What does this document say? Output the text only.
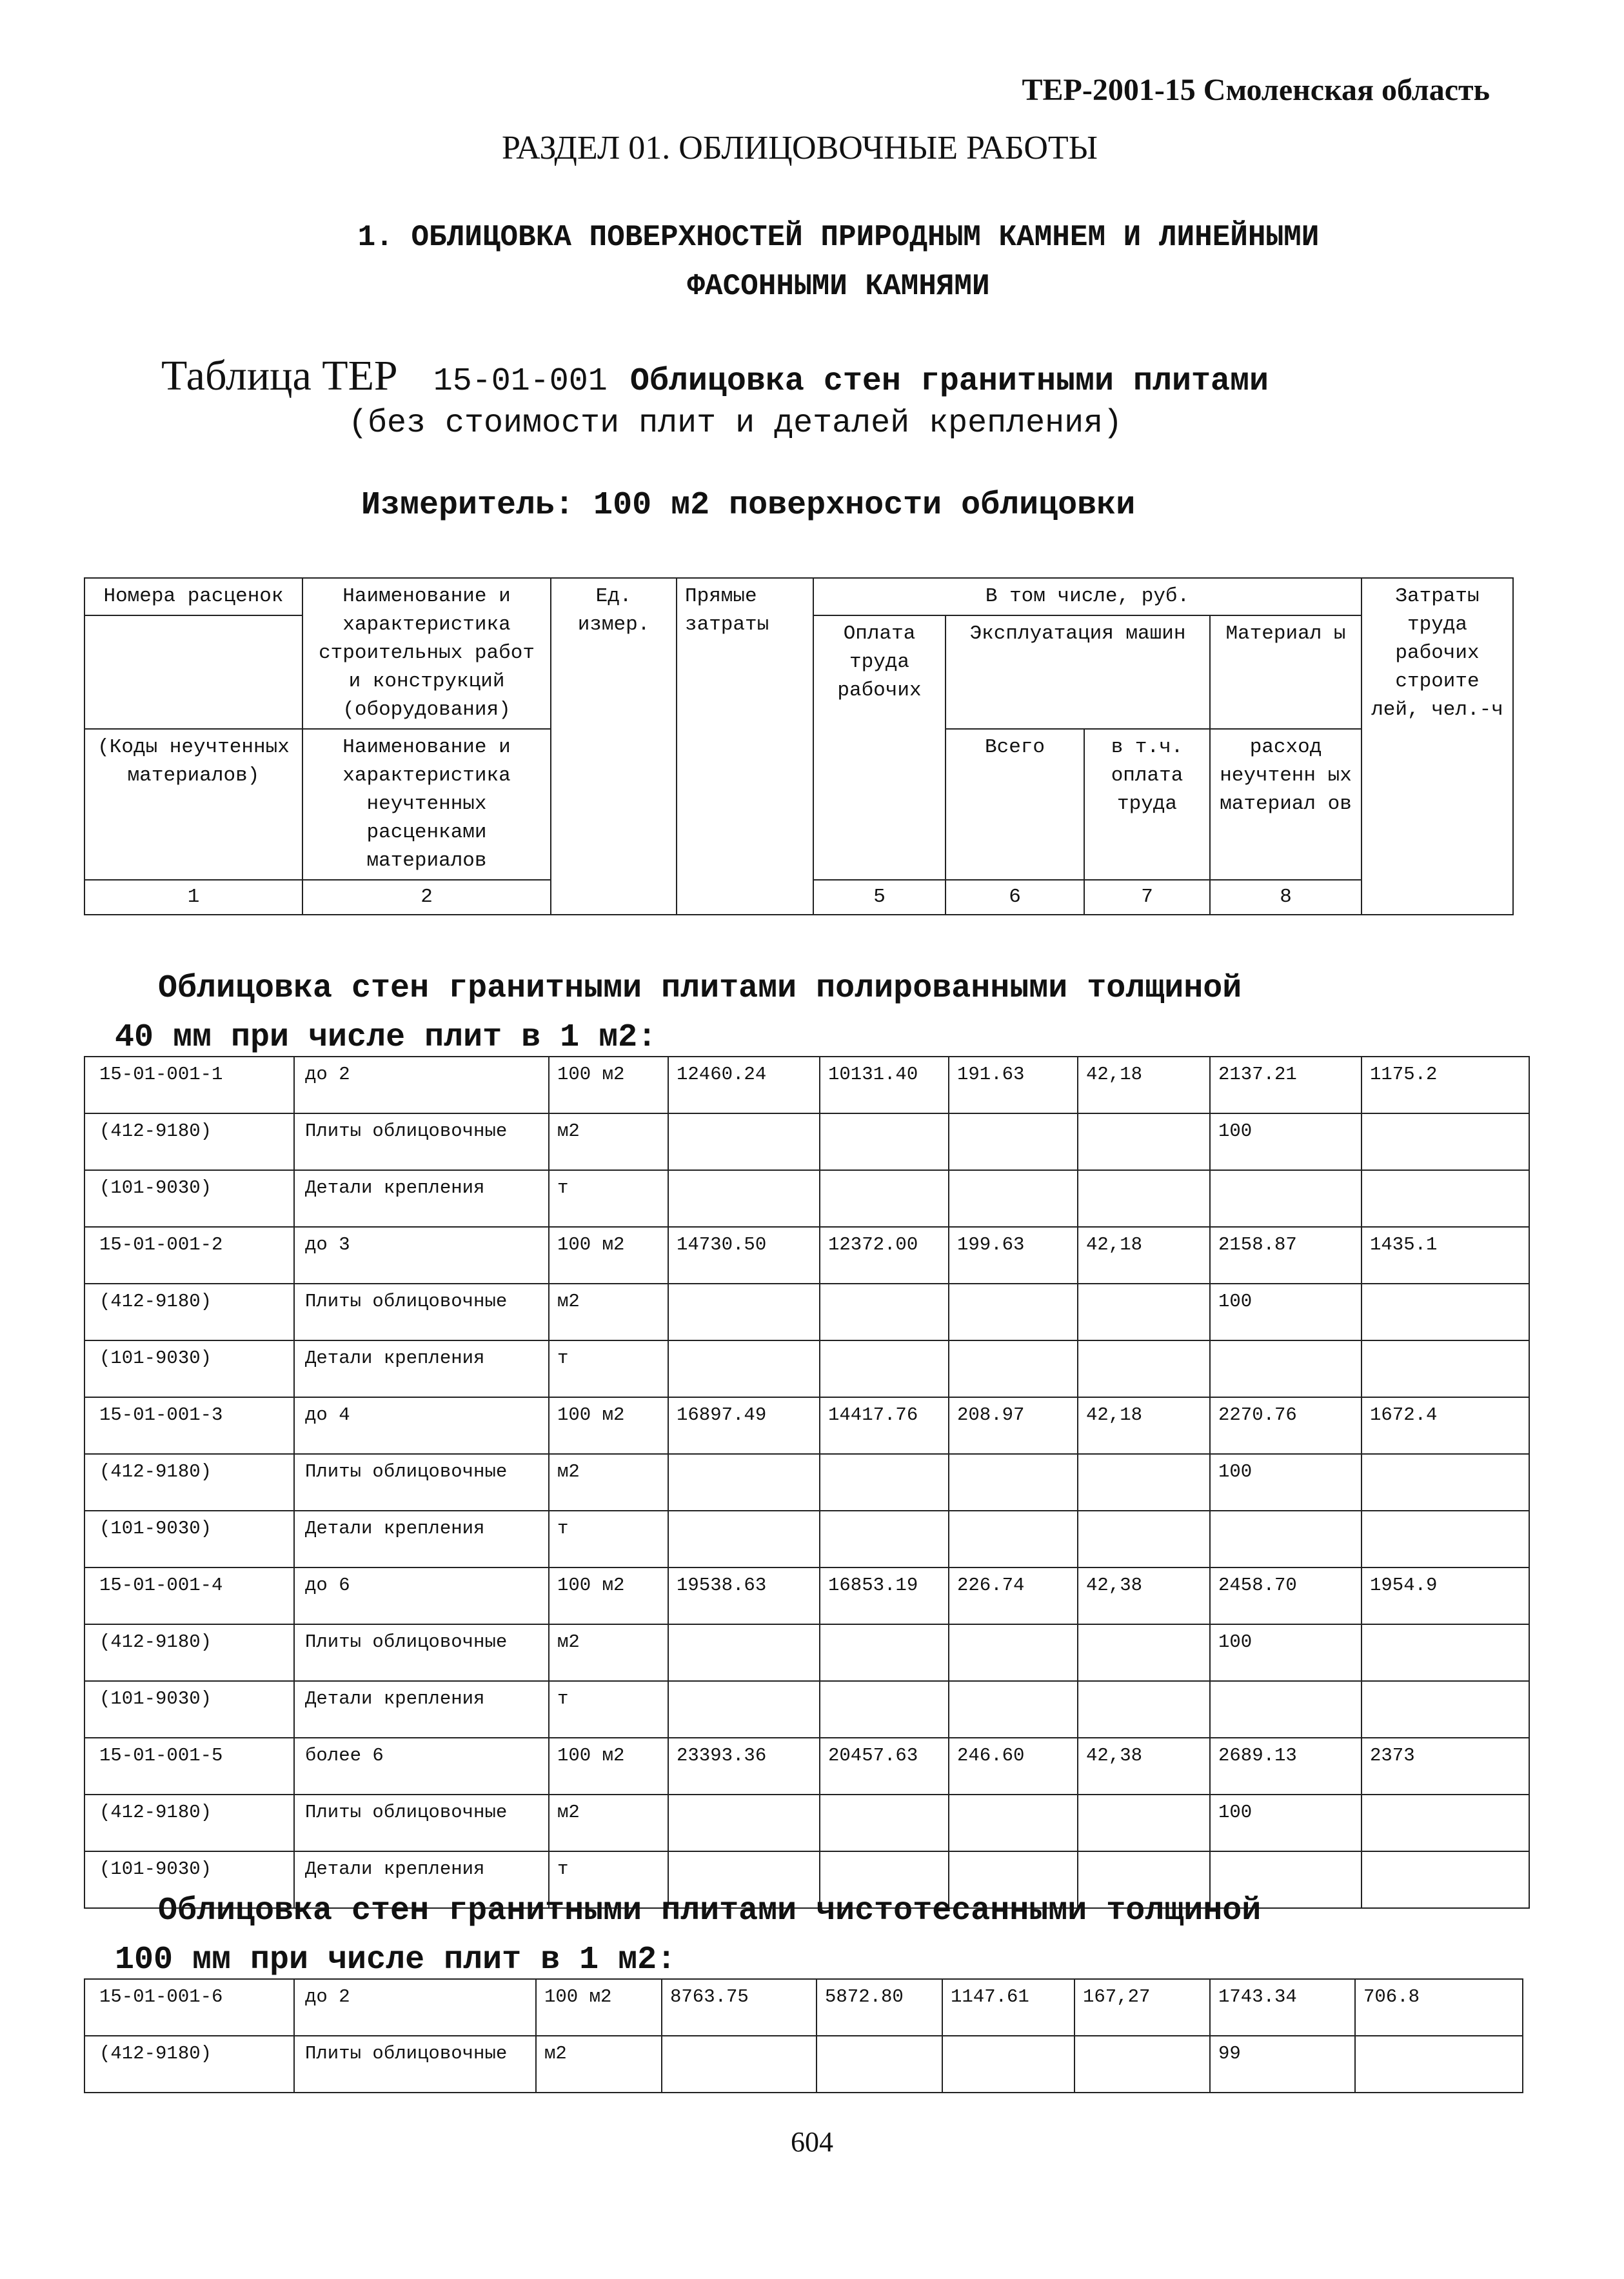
ТЕР-2001-15 Смоленская область
РАЗДЕЛ 01. ОБЛИЦОВОЧНЫЕ РАБОТЫ
1. ОБЛИЦОВКА ПОВЕРХНОСТЕЙ ПРИРОДНЫМ КАМНЕМ И ЛИНЕЙНЫМИ
ФАСОННЫМИ КАМНЯМИ
Таблица ТЕР 15-01-001 Облицовка стен гранитными плитами
(без стоимости плит и деталей крепления)
Измеритель: 100 м2 поверхности облицовки
Номера расценок	Наименование и характеристика строительных работ и конструкций (оборудования)	Ед. измер.	Прямые затраты	В том числе, руб.				Затраты труда рабочих строите лей, чел.-ч
				Оплата труда рабочих	Эксплуатация машин		Материал ы	
(Коды неучтенных материалов)	Наименование и характеристика неучтенных расценками материалов				Всего	в т.ч. оплата труда	расход неучтенн ых материал ов	
1	2			5	6	7	8	
Облицовка стен гранитными плитами полированными толщиной
40 мм при числе плит в 1 м2:
15-01-001-1	до 2	100 м2	12460.24	10131.40	191.63	42,18	2137.21	1175.2
(412-9180)	Плиты облицовочные	м2					100	
(101-9030)	Детали крепления	т						
15-01-001-2	до 3	100 м2	14730.50	12372.00	199.63	42,18	2158.87	1435.1
(412-9180)	Плиты облицовочные	м2					100	
(101-9030)	Детали крепления	т						
15-01-001-3	до 4	100 м2	16897.49	14417.76	208.97	42,18	2270.76	1672.4
(412-9180)	Плиты облицовочные	м2					100	
(101-9030)	Детали крепления	т						
15-01-001-4	до 6	100 м2	19538.63	16853.19	226.74	42,38	2458.70	1954.9
(412-9180)	Плиты облицовочные	м2					100	
(101-9030)	Детали крепления	т						
15-01-001-5	более 6	100 м2	23393.36	20457.63	246.60	42,38	2689.13	2373
(412-9180)	Плиты облицовочные	м2					100	
(101-9030)	Детали крепления	т						
Облицовка стен гранитными плитами чистотесанными толщиной
100 мм при числе плит в 1 м2:
15-01-001-6	до 2	100 м2	8763.75	5872.80	1147.61	167,27	1743.34	706.8
(412-9180)	Плиты облицовочные	м2					99	
604
